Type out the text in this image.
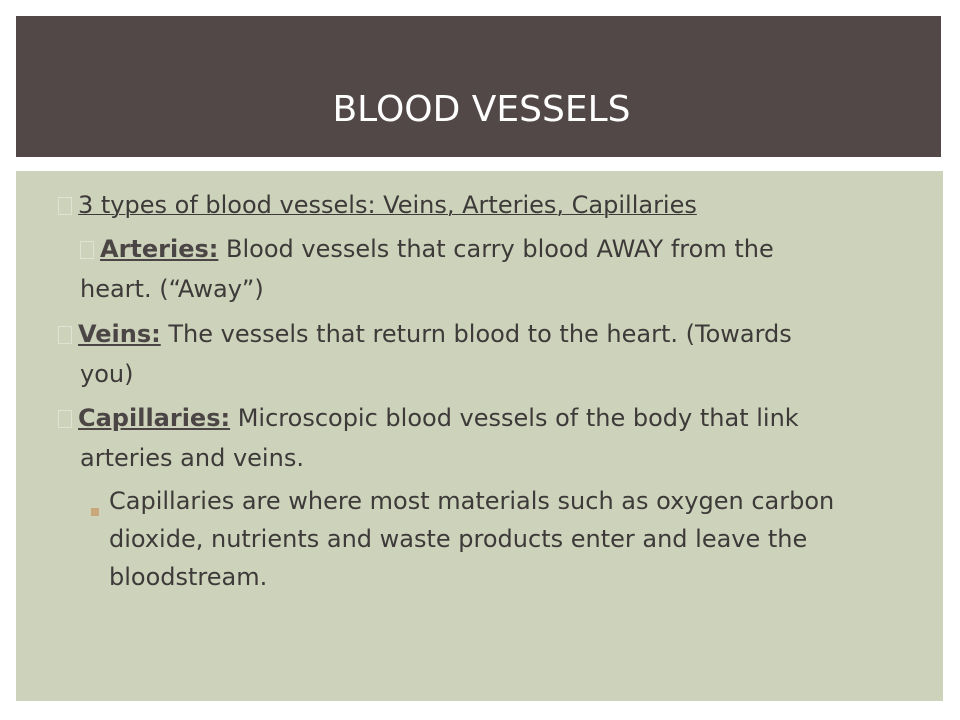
BLOOD VESSELS
3 types of blood vessels: Veins, Arteries, Capillaries
Arteries: Blood vessels that carry blood AWAY from the
heart. (“Away”)
Veins: The vessels that return blood to the heart. (Towards
you)
Capillaries: Microscopic blood vessels of the body that link
arteries and veins.
Capillaries are where most materials such as oxygen carbon
dioxide, nutrients and waste products enter and leave the
bloodstream.
